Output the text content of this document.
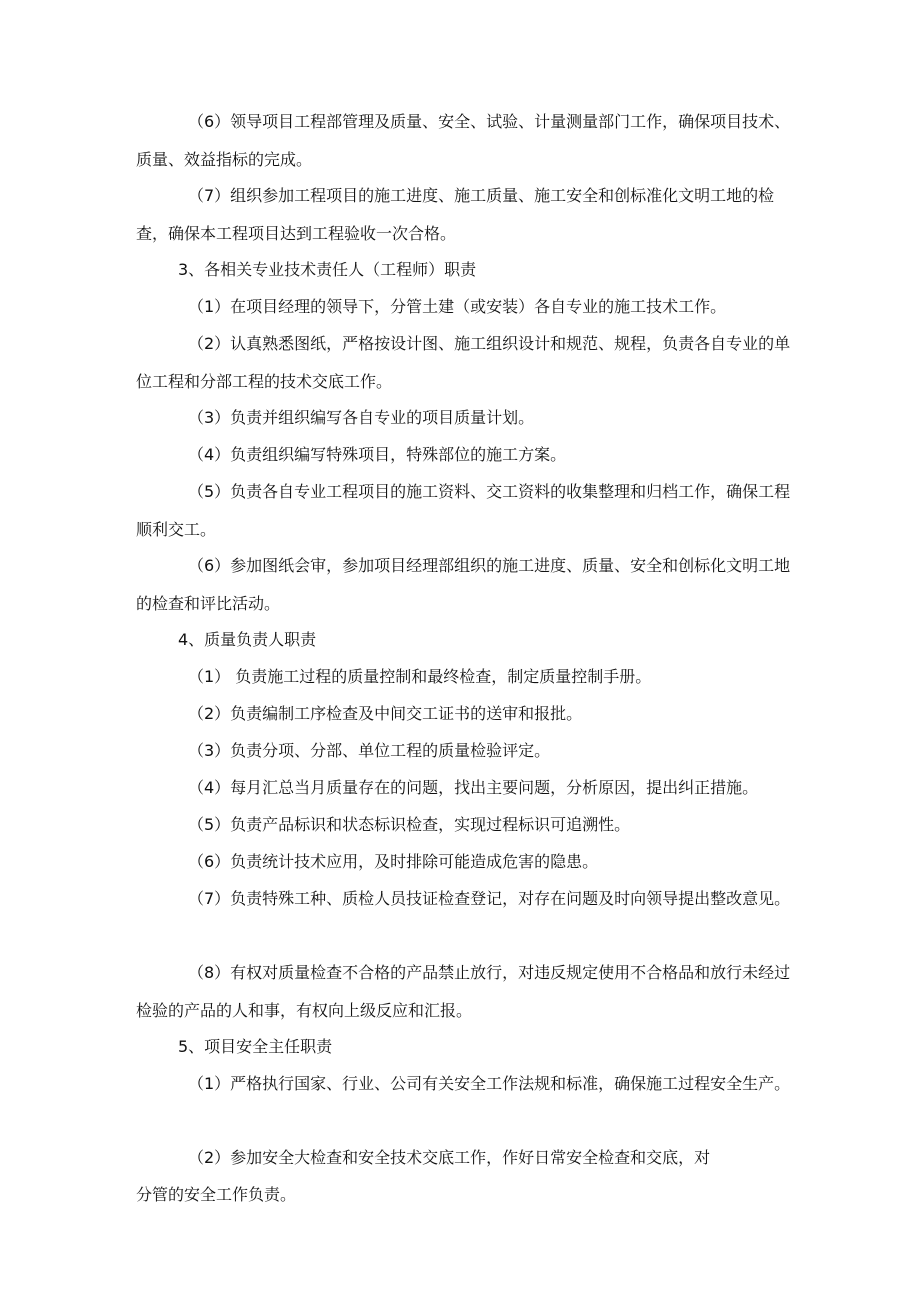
（6）领导项目工程部管理及质量、安全、试验、计量测量部门工作，确保项目技术、质量、效益指标的完成。

（7）组织参加工程项目的施工进度、施工质量、施工安全和创标准化文明工地的检查，确保本工程项目达到工程验收一次合格。

3、各相关专业技术责任人（工程师）职责

（1）在项目经理的领导下，分管土建（或安装）各自专业的施工技术工作。

（2）认真熟悉图纸，严格按设计图、施工组织设计和规范、规程，负责各自专业的单位工程和分部工程的技术交底工作。

（3）负责并组织编写各自专业的项目质量计划。

（4）负责组织编写特殊项目，特殊部位的施工方案。

（5）负责各自专业工程项目的施工资料、交工资料的收集整理和归档工作，确保工程顺利交工。

（6）参加图纸会审，参加项目经理部组织的施工进度、质量、安全和创标化文明工地的检查和评比活动。

4、质量负责人职责

（1） 负责施工过程的质量控制和最终检查，制定质量控制手册。

（2）负责编制工序检查及中间交工证书的送审和报批。

（3）负责分项、分部、单位工程的质量检验评定。

（4）每月汇总当月质量存在的问题，找出主要问题，分析原因，提出纠正措施。

（5）负责产品标识和状态标识检查，实现过程标识可追溯性。

（6）负责统计技术应用，及时排除可能造成危害的隐患。

（7）负责特殊工种、质检人员技证检查登记，对存在问题及时向领导提出整改意见。

（8）有权对质量检查不合格的产品禁止放行，对违反规定使用不合格品和放行未经过检验的产品的人和事，有权向上级反应和汇报。

5、项目安全主任职责

（1）严格执行国家、行业、公司有关安全工作法规和标准，确保施工过程安全生产。

（2）参加安全大检查和安全技术交底工作，作好日常安全检查和交底，对

分管的安全工作负责。
